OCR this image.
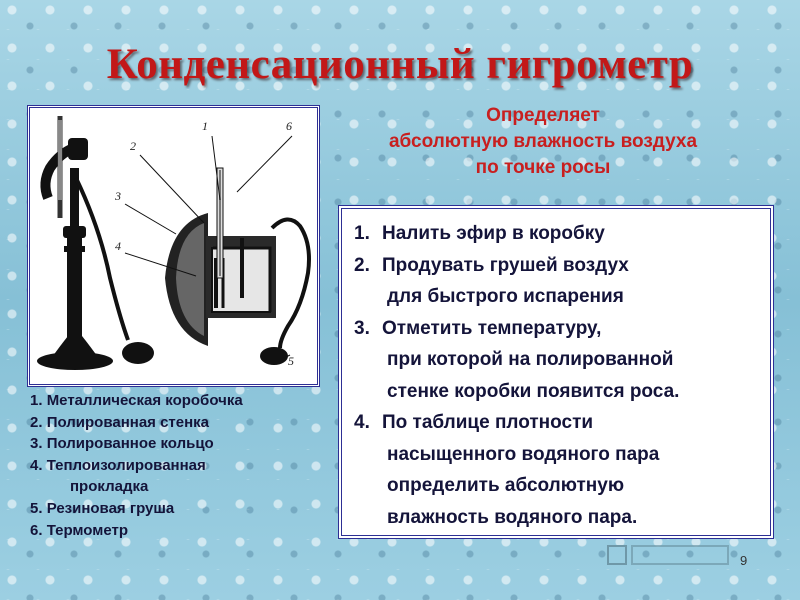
Конденсационный гигрометр
Определяет
абсолютную влажность воздуха
по точке росы
1
2
3
4
5
6
1. Металлическая коробочка
2. Полированная стенка
3. Полированное кольцо
4. Теплоизолированная
прокладка
5. Резиновая груша
6. Термометр
1. Налить эфир в коробку
2. Продувать грушей воздух
для быстрого испарения
3. Отметить температуру,
при которой на полированной
стенке коробки появится роса.
4. По таблице плотности
насыщенного водяного пара
определить абсолютную
влажность водяного пара.
9
